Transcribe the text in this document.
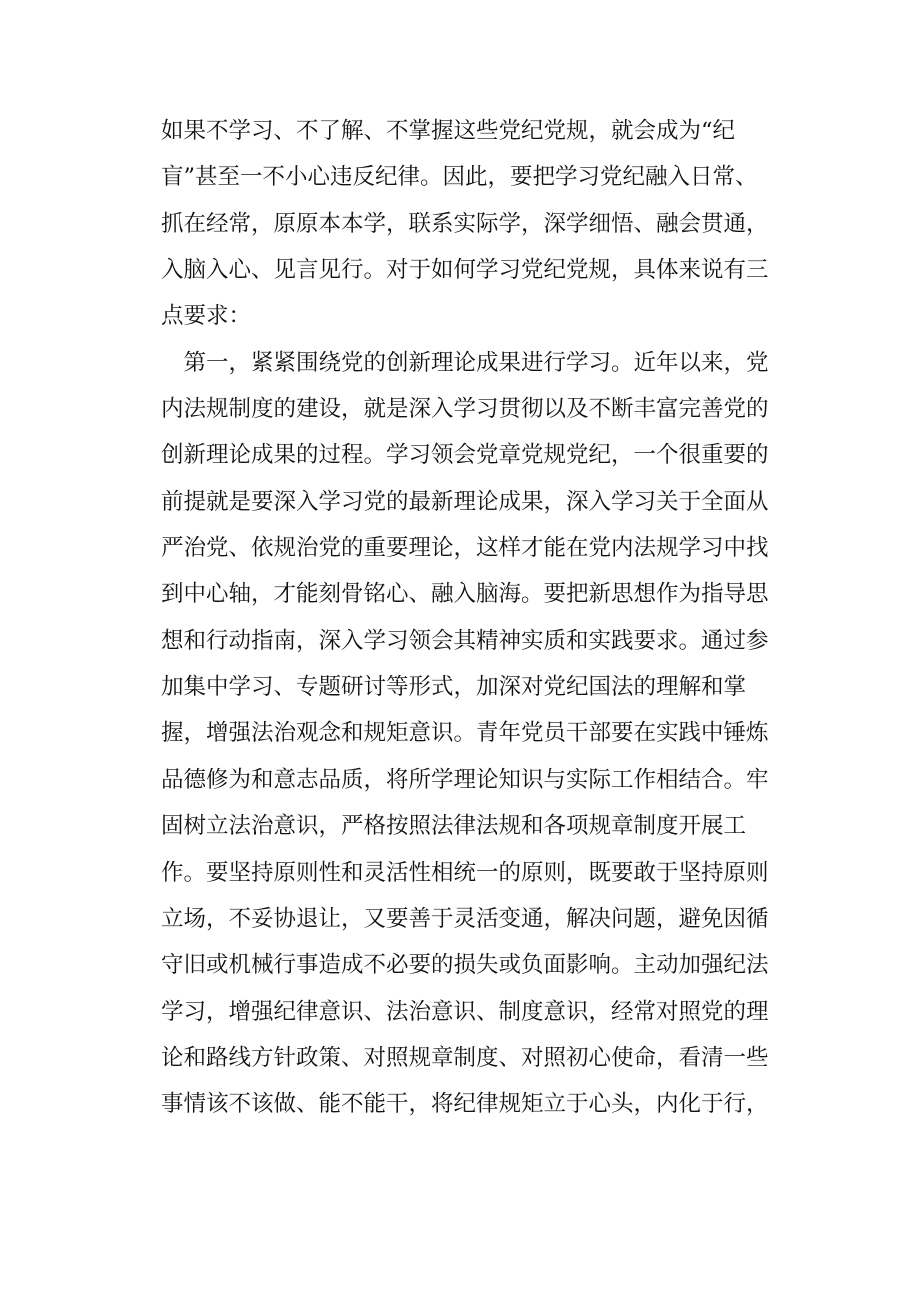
如果不学习、不了解、不掌握这些党纪党规，就会成为“纪
盲”甚至一不小心违反纪律。因此，要把学习党纪融入日常、
抓在经常，原原本本学，联系实际学，深学细悟、融会贯通，
入脑入心、见言见行。对于如何学习党纪党规，具体来说有三
点要求：
　第一，紧紧围绕党的创新理论成果进行学习。近年以来，党
内法规制度的建设，就是深入学习贯彻以及不断丰富完善党的
创新理论成果的过程。学习领会党章党规党纪，一个很重要的
前提就是要深入学习党的最新理论成果，深入学习关于全面从
严治党、依规治党的重要理论，这样才能在党内法规学习中找
到中心轴，才能刻骨铭心、融入脑海。要把新思想作为指导思
想和行动指南，深入学习领会其精神实质和实践要求。通过参
加集中学习、专题研讨等形式，加深对党纪国法的理解和掌
握，增强法治观念和规矩意识。青年党员干部要在实践中锤炼
品德修为和意志品质，将所学理论知识与实际工作相结合。牢
固树立法治意识，严格按照法律法规和各项规章制度开展工
作。要坚持原则性和灵活性相统一的原则，既要敢于坚持原则
立场，不妥协退让，又要善于灵活变通，解决问题，避免因循
守旧或机械行事造成不必要的损失或负面影响。主动加强纪法
学习，增强纪律意识、法治意识、制度意识，经常对照党的理
论和路线方针政策、对照规章制度、对照初心使命，看清一些
事情该不该做、能不能干，将纪律规矩立于心头，内化于行，
